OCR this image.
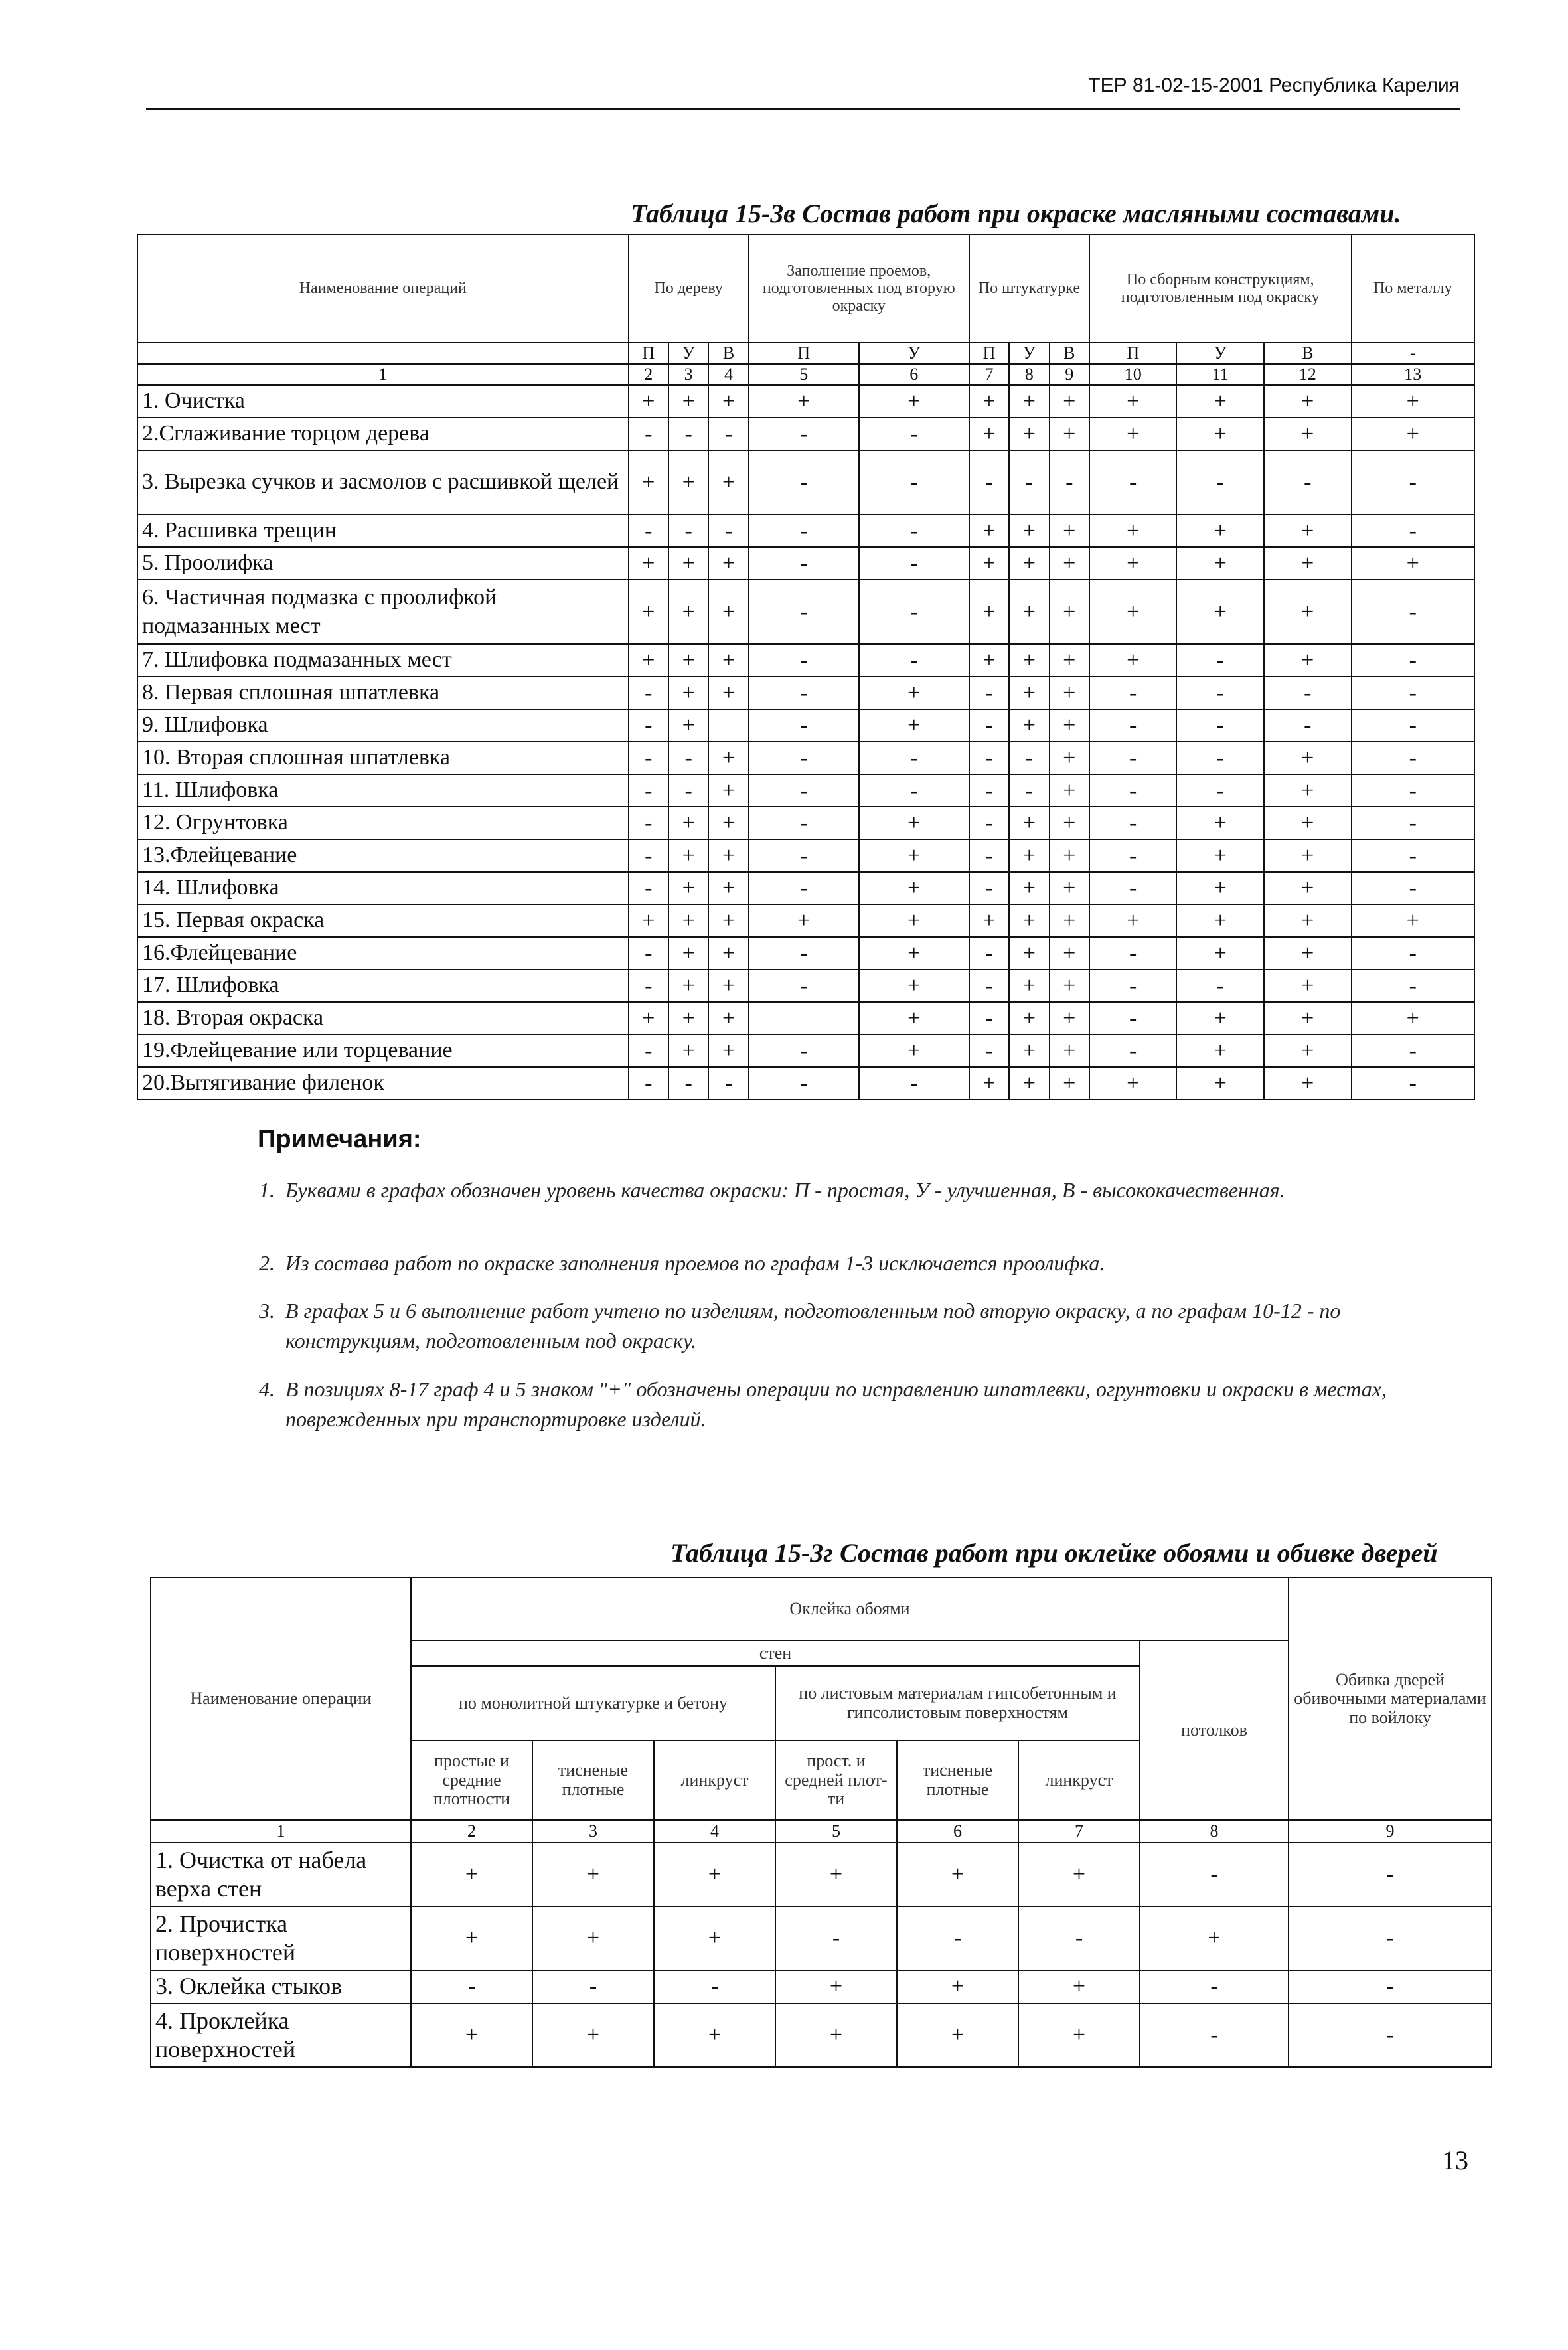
ТЕР 81-02-15-2001 Республика Карелия
Таблица 15-3в Состав работ при окраске масляными составами.
Наименование операций	По дереву			Заполнение проемов, подготовленных под вторую окраску		По штукатурке			По сборным конструкциям, подготовленным под окраску			По металлу
	П	У	В	П	У	П	У	В	П	У	В	-
1	2	3	4	5	6	7	8	9	10	11	12	13
1. Очистка	+	+	+	+	+	+	+	+	+	+	+	+
2.Сглаживание торцом дерева	-	-	-	-	-	+	+	+	+	+	+	+
3. Вырезка сучков и засмолов с расшивкой щелей	+	+	+	-	-	-	-	-	-	-	-	-
4. Расшивка трещин	-	-	-	-	-	+	+	+	+	+	+	-
5. Проолифка	+	+	+	-	-	+	+	+	+	+	+	+
6. Частичная подмазка с проолифкой подмазанных мест	+	+	+	-	-	+	+	+	+	+	+	-
7. Шлифовка подмазанных мест	+	+	+	-	-	+	+	+	+	-	+	-
8. Первая сплошная шпатлевка	-	+	+	-	+	-	+	+	-	-	-	-
9. Шлифовка	-	+		-	+	-	+	+	-	-	-	-
10. Вторая сплошная шпатлевка	-	-	+	-	-	-	-	+	-	-	+	-
11. Шлифовка	-	-	+	-	-	-	-	+	-	-	+	-
12. Огрунтовка	-	+	+	-	+	-	+	+	-	+	+	-
13.Флейцевание	-	+	+	-	+	-	+	+	-	+	+	-
14. Шлифовка	-	+	+	-	+	-	+	+	-	+	+	-
15. Первая окраска	+	+	+	+	+	+	+	+	+	+	+	+
16.Флейцевание	-	+	+	-	+	-	+	+	-	+	+	-
17. Шлифовка	-	+	+	-	+	-	+	+	-	-	+	-
18. Вторая окраска	+	+	+		+	-	+	+	-	+	+	+
19.Флейцевание или торцевание	-	+	+	-	+	-	+	+	-	+	+	-
20.Вытягивание филенок	-	-	-	-	-	+	+	+	+	+	+	-
Примечания:
1. Буквами в графах обозначен уровень качества окраски: П - простая, У - улучшенная, В - высококачественная.
2. Из состава работ по окраске заполнения проемов по графам 1-3 исключается проолифка.
3. В графах 5 и 6 выполнение работ учтено по изделиям, подготовленным под вторую окраску, а по графам 10-12 - по конструкциям, подготовленным под окраску.
4. В позициях 8-17 граф 4 и 5 знаком "+" обозначены операции по исправлению шпатлевки, огрунтовки и окраски в местах, поврежденных при транспортировке изделий.
Таблица 15-3г Состав работ при оклейке обоями и обивке дверей
Наименование операции	Оклейка обоями							Обивка дверей обивочными материалами по войлоку
	стен						потолков	
	по монолитной штукатурке и бетону			по листовым материалам гипсобетонным и гипсолистовым поверхностям				
	простые и средние плотности	тисненые плотные	линкруст	прост. и средней плот-ти	тисненые плотные	линкруст		
1	2	3	4	5	6	7	8	9
1. Очистка от набела верха стен	+	+	+	+	+	+	-	-
2. Прочистка поверхностей	+	+	+	-	-	-	+	-
3. Оклейка стыков	-	-	-	+	+	+	-	-
4. Проклейка поверхностей	+	+	+	+	+	+	-	-
13
